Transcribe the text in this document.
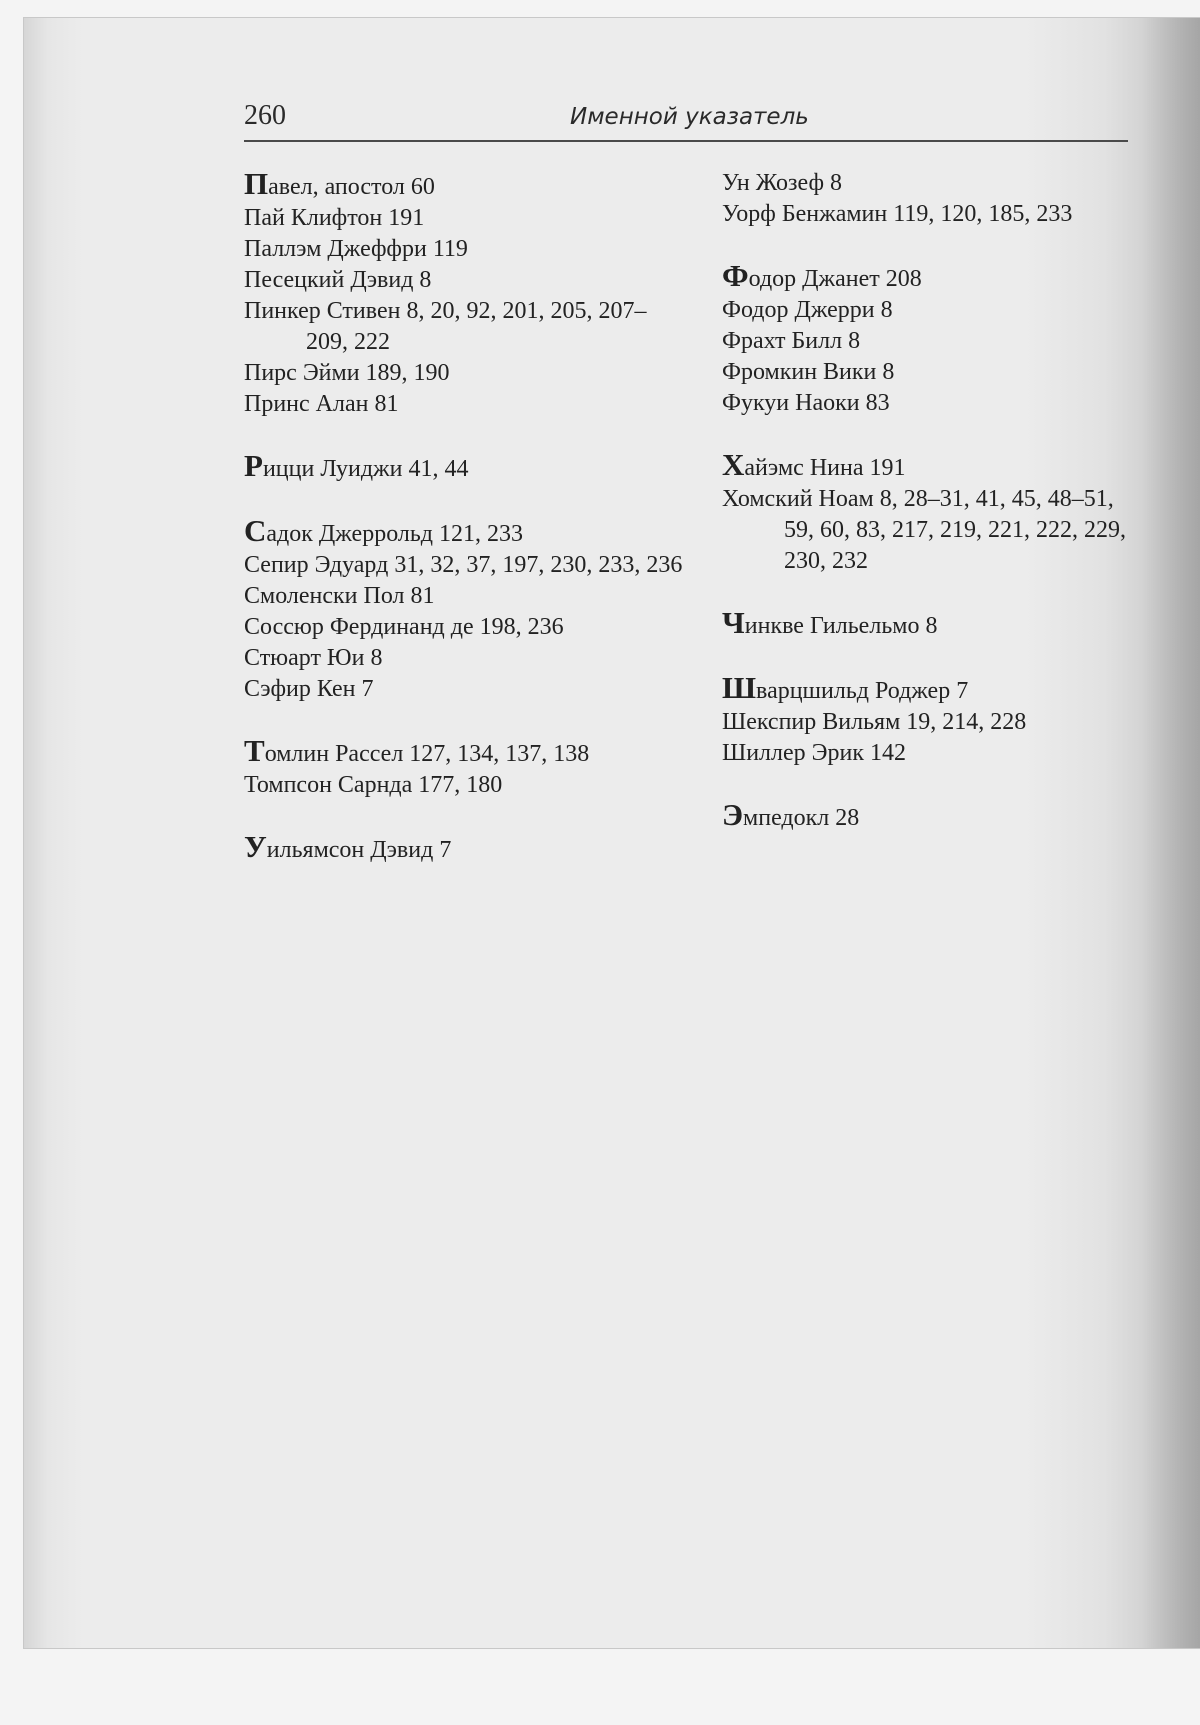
260	Именной указатель

Павел, апостол 60

Пай Клифтон 191

Паллэм Джеффри 119

Песецкий Дэвид 8

Пинкер Стивен 8, 20, 92, 201, 205, 207–209, 222

Пирс Эйми 189, 190

Принс Алан 81

Рицци Луиджи 41, 44

Садок Джеррольд 121, 233

Сепир Эдуард 31, 32, 37, 197, 230, 233, 236

Смоленски Пол 81

Соссюр Фердинанд де 198, 236

Стюарт Юи 8

Сэфир Кен 7

Томлин Рассел 127, 134, 137, 138

Томпсон Сарнда 177, 180

Уильямсон Дэвид 7

Ун Жозеф 8

Уорф Бенжамин 119, 120, 185, 233

Фодор Джанет 208

Фодор Джерри 8

Фрахт Билл 8

Фромкин Вики 8

Фукуи Наоки 83

Хайэмс Нина 191

Хомский Ноам 8, 28–31, 41, 45, 48–51, 59, 60, 83, 217, 219, 221, 222, 229, 230, 232

Чинкве Гильельмо 8

Шварцшильд Роджер 7

Шекспир Вильям 19, 214, 228

Шиллер Эрик 142

Эмпедокл 28
